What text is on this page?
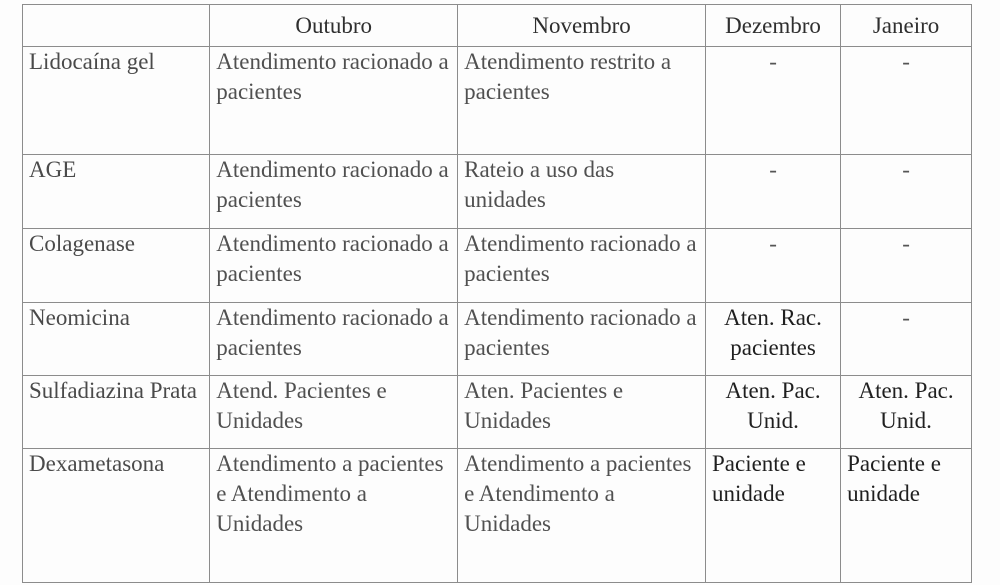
	Outubro	Novembro	Dezembro	Janeiro
Lidocaína gel	Atendimento racionado a pacientes	Atendimento restrito a pacientes	-	-
AGE	Atendimento racionado a pacientes	Rateio a uso das unidades	-	-
Colagenase	Atendimento racionado a pacientes	Atendimento racionado a pacientes	-	-
Neomicina	Atendimento racionado a pacientes	Atendimento racionado a pacientes	Aten. Rac. pacientes	-
Sulfadiazina Prata	Atend. Pacientes e Unidades	Aten. Pacientes e Unidades	Aten. Pac. Unid.	Aten. Pac. Unid.
Dexametasona	Atendimento a pacientes e Atendimento a Unidades	Atendimento a pacientes e Atendimento a Unidades	Paciente e unidade	Paciente e unidade
